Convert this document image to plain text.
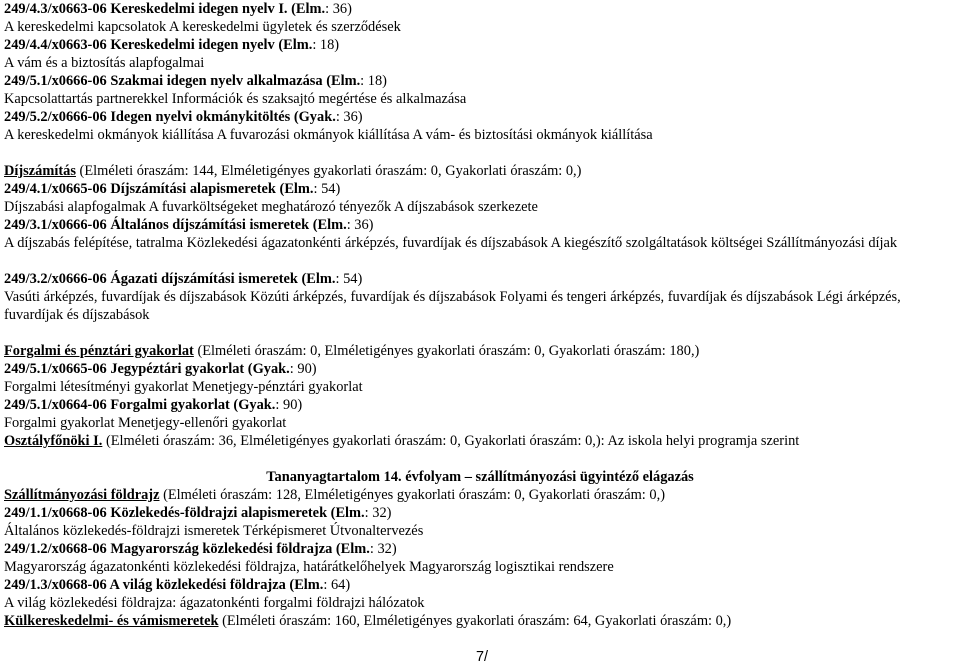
249/4.3/x0663-06 Kereskedelmi idegen nyelv I. (Elm.: 36)
A kereskedelmi kapcsolatok A kereskedelmi ügyletek és szerződések
249/4.4/x0663-06 Kereskedelmi idegen nyelv (Elm.: 18)
A vám és a biztosítás alapfogalmai
249/5.1/x0666-06 Szakmai idegen nyelv alkalmazása (Elm.: 18)
Kapcsolattartás partnerekkel Információk és szaksajtó megértése és alkalmazása
249/5.2/x0666-06 Idegen nyelvi okmánykitöltés (Gyak.: 36)
A kereskedelmi okmányok kiállítása A fuvarozási okmányok kiállítása A vám- és biztosítási okmányok kiállítása
Díjszámítás (Elméleti óraszám: 144, Elméletigényes gyakorlati óraszám: 0, Gyakorlati óraszám: 0,)
249/4.1/x0665-06 Díjszámítási alapismeretek (Elm.: 54)
Díjszabási alapfogalmak A fuvarköltségeket meghatározó tényezők A díjszabások szerkezete
249/3.1/x0666-06 Általános díjszámítási ismeretek (Elm.: 36)
A díjszabás felépítése, tatralma Közlekedési ágazatonkénti árképzés, fuvardíjak és díjszabások A kiegészítő szolgáltatások költségei Szállítmányozási díjak
249/3.2/x0666-06 Ágazati díjszámítási ismeretek (Elm.: 54)
Vasúti árképzés, fuvardíjak és díjszabások Közúti árképzés, fuvardíjak és díjszabások Folyami és tengeri árképzés, fuvardíjak és díjszabások Légi árképzés, fuvardíjak és díjszabások
Forgalmi és pénztári gyakorlat (Elméleti óraszám: 0, Elméletigényes gyakorlati óraszám: 0, Gyakorlati óraszám: 180,)
249/5.1/x0665-06 Jegypéztári gyakorlat (Gyak.: 90)
Forgalmi létesítményi gyakorlat Menetjegy-pénztári gyakorlat
249/5.1/x0664-06 Forgalmi gyakorlat (Gyak.: 90)
Forgalmi gyakorlat Menetjegy-ellenőri gyakorlat
Osztályfőnöki I. (Elméleti óraszám: 36, Elméletigényes gyakorlati óraszám: 0, Gyakorlati óraszám: 0,): Az iskola helyi programja szerint
Tananyagtartalom 14. évfolyam – szállítmányozási ügyintéző elágazás
Szállítmányozási földrajz (Elméleti óraszám: 128, Elméletigényes gyakorlati óraszám: 0, Gyakorlati óraszám: 0,)
249/1.1/x0668-06 Közlekedés-földrajzi alapismeretek (Elm.: 32)
Általános közlekedés-földrajzi ismeretek Térképismeret Útvonaltervezés
249/1.2/x0668-06 Magyarország közlekedési földrajza (Elm.: 32)
Magyarország ágazatonkénti közlekedési földrajza, határátkelőhelyek Magyarország logisztikai rendszere
249/1.3/x0668-06 A világ közlekedési földrajza (Elm.: 64)
A világ közlekedési földrajza: ágazatonkénti forgalmi földrajzi hálózatok
Külkereskedelmi- és vámismeretek (Elméleti óraszám: 160, Elméletigényes gyakorlati óraszám: 64, Gyakorlati óraszám: 0,)
7/
